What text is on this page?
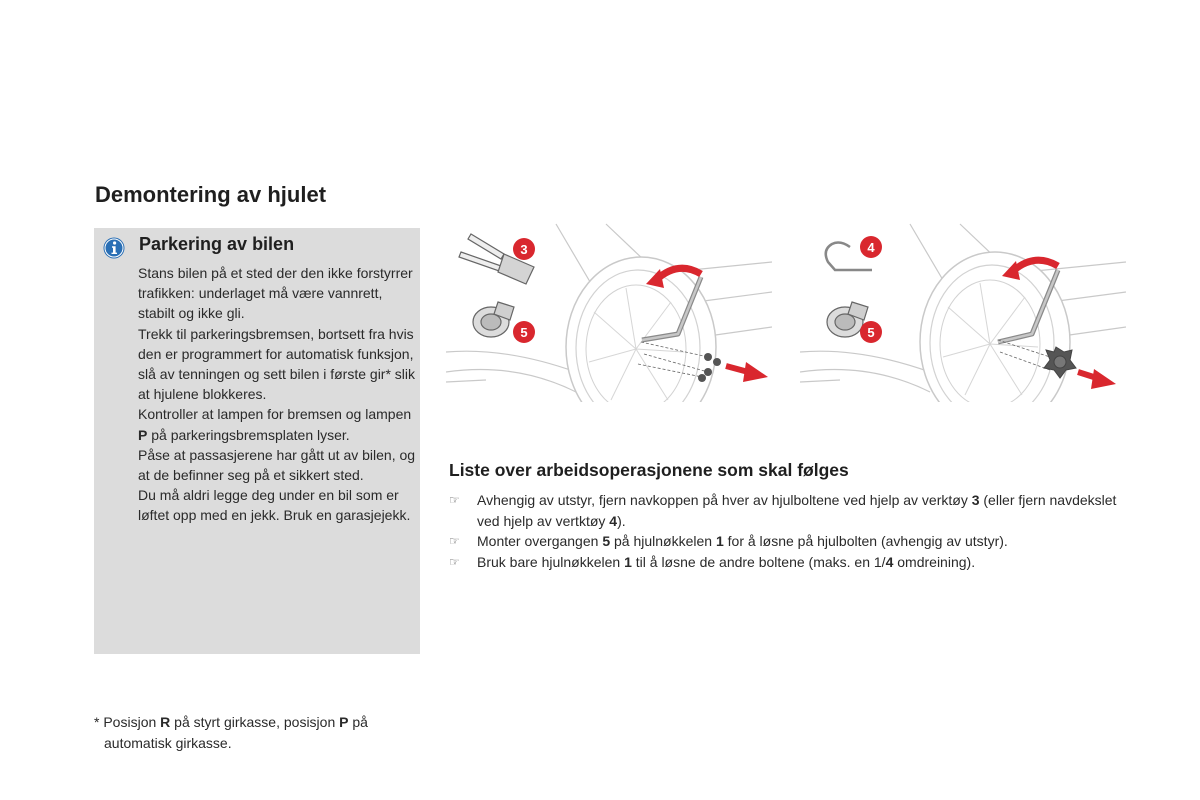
Demontering av hjulet
Parkering av bilen

Stans bilen på et sted der den ikke forstyrrer trafikken: underlaget må være vannrett, stabilt og ikke gli.

Trekk til parkeringsbremsen, bortsett fra hvis den er programmert for automatisk funksjon, slå av tenningen og sett bilen i første gir* slik at hjulene blokkeres.

Kontroller at lampen for bremsen og lampen P på parkeringsbremsplaten lyser.

Påse at passasjerene har gått ut av bilen, og at de befinner seg på et sikkert sted.

Du må aldri legge deg under en bil som er løftet opp med en jekk. Bruk en garasjejekk.

3
5
4
5
Liste over arbeidsoperasjonene som skal følges
☞ Avhengig av utstyr, fjern navkoppen på hver av hjulboltene ved hjelp av verktøy 3 (eller fjern navdekslet ved hjelp av vertktøy 4).
☞ Monter overgangen 5 på hjulnøkkelen 1 for å løsne på hjulbolten (avhengig av utstyr).
☞ Bruk bare hjulnøkkelen 1 til å løsne de andre boltene (maks. en 1/4 omdreining).
* Posisjon R på styrt girkasse, posisjon P på
automatisk girkasse.
